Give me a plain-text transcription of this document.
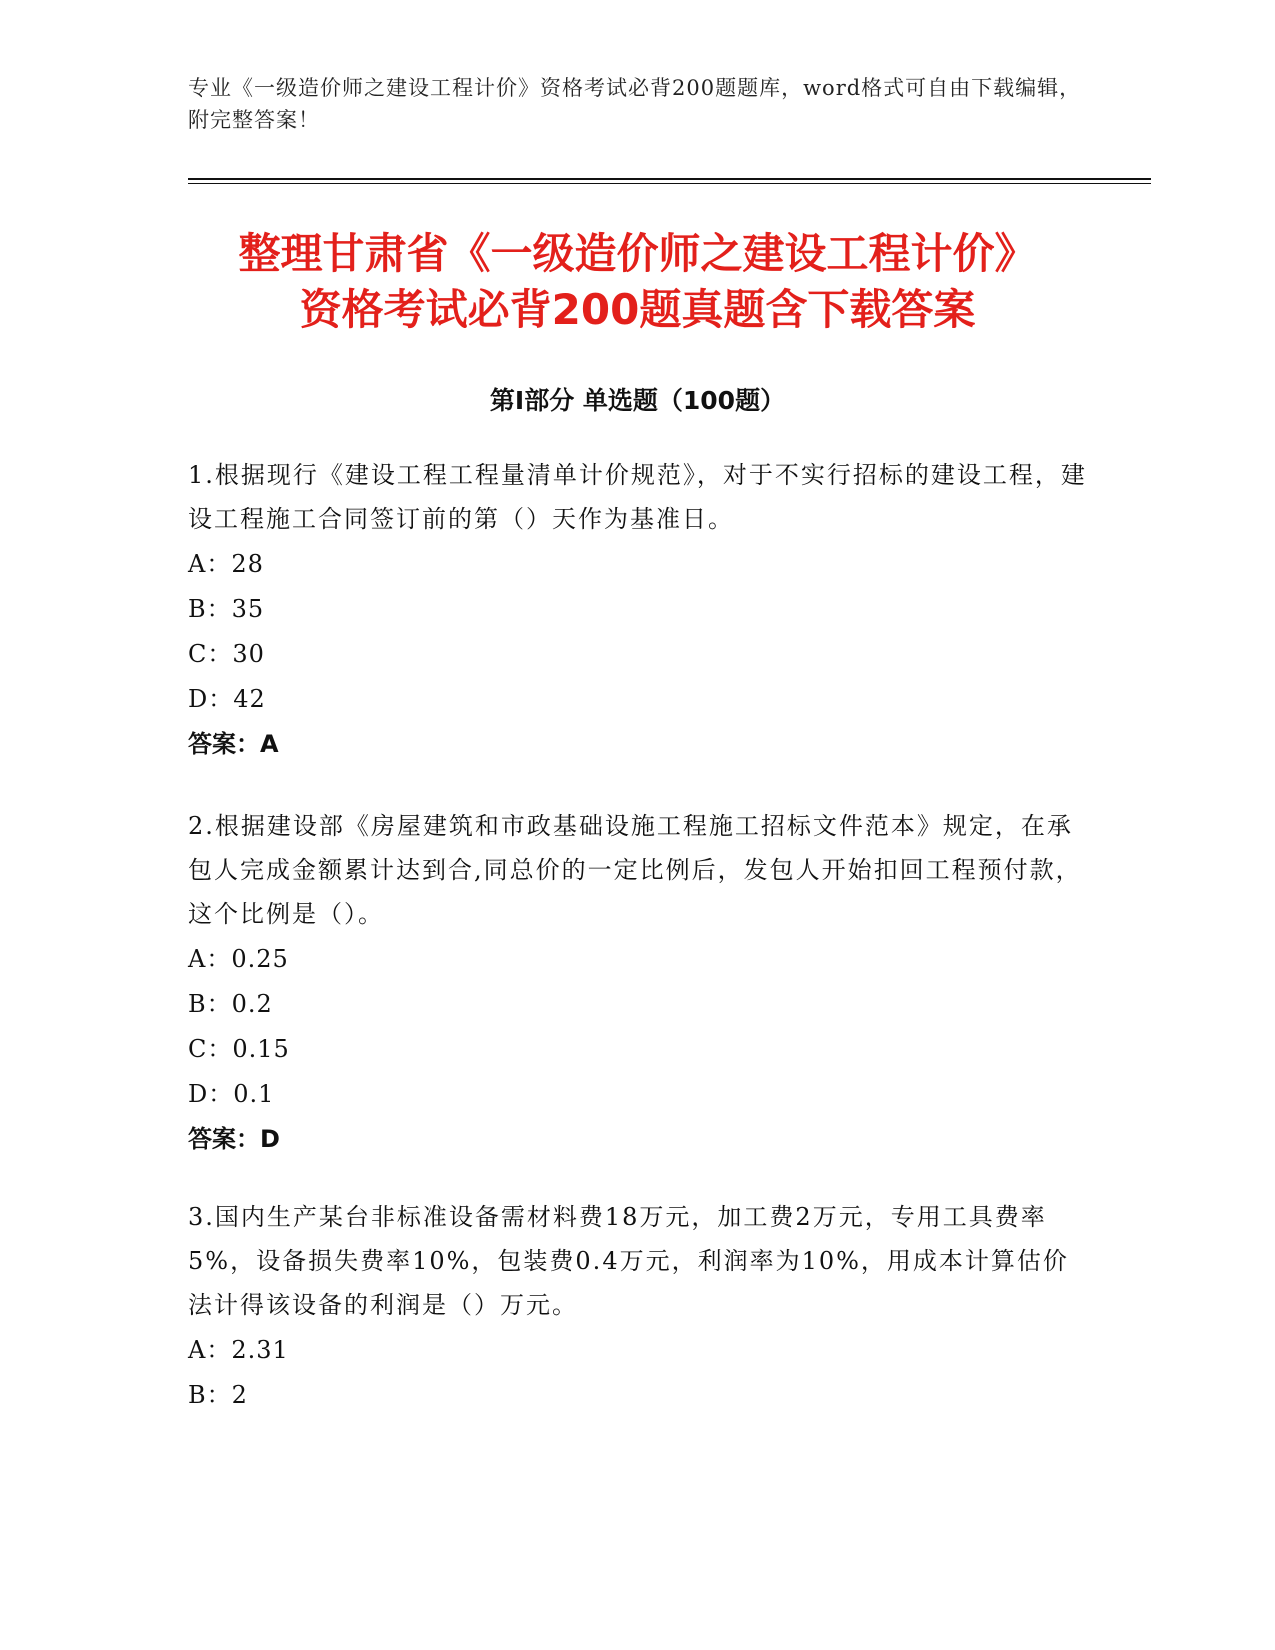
专业《一级造价师之建设工程计价》资格考试必背200题题库，word格式可自由下载编辑，附完整答案！
整理甘肃省《一级造价师之建设工程计价》
资格考试必背200题真题含下载答案
第Ⅰ部分 单选题（100题）

1.根据现行《建设工程工程量清单计价规范》，对于不实行招标的建设工程，建设工程施工合同签订前的第（）天作为基准日。

A：28

B：35

C：30

D：42

答案：A

2.根据建设部《房屋建筑和市政基础设施工程施工招标文件范本》规定，在承包人完成金额累计达到合,同总价的一定比例后，发包人开始扣回工程预付款，这个比例是（）。

A：0.25

B：0.2

C：0.15

D：0.1

答案：D

3.国内生产某台非标准设备需材料费18万元，加工费2万元，专用工具费率5%，设备损失费率10%，包装费0.4万元，利润率为10%，用成本计算估价法计得该设备的利润是（）万元。

A：2.31

B：2
